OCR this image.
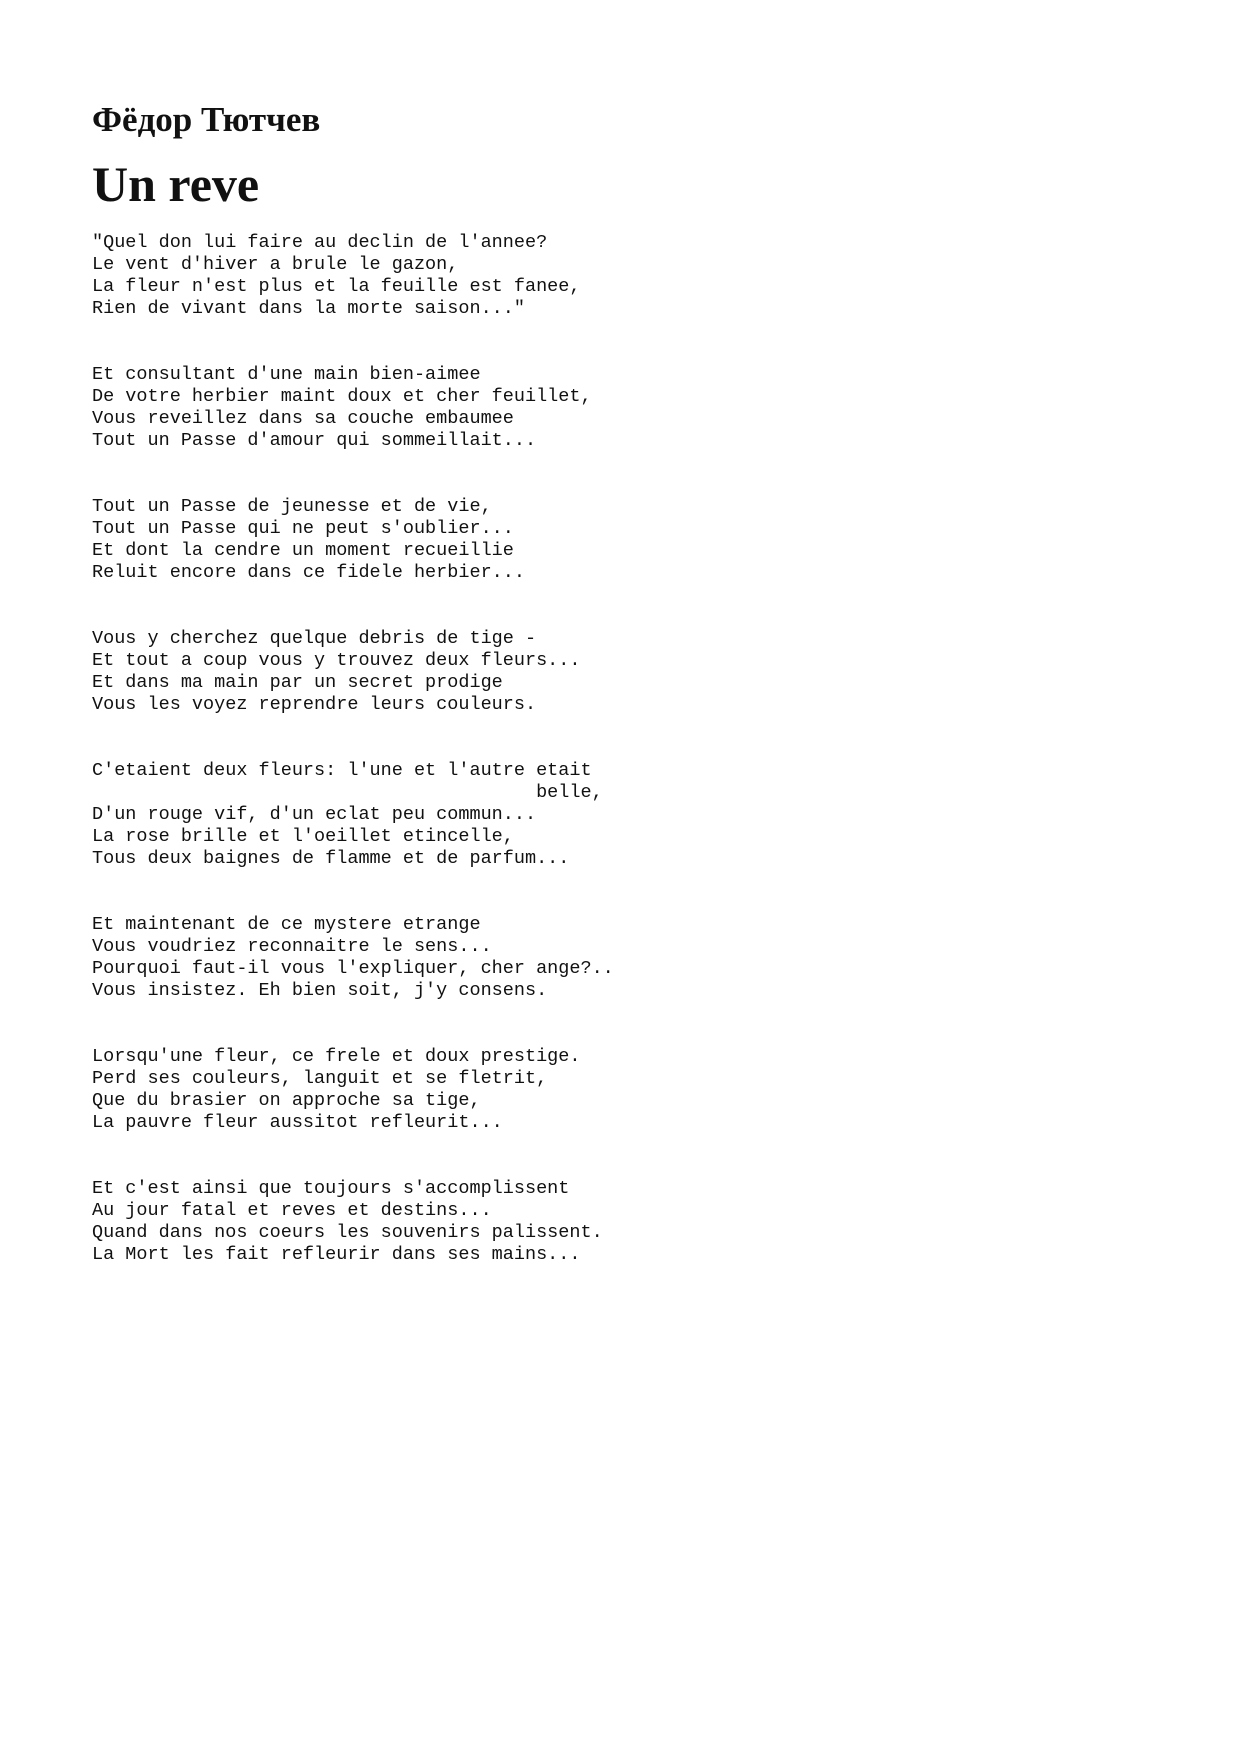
Фёдор Тютчев
Un reve
"Quel don lui faire au declin de l'annee?
Le vent d'hiver a brule le gazon,
La fleur n'est plus et la feuille est fanee,
Rien de vivant dans la morte saison..."
Et consultant d'une main bien-aimee
De votre herbier maint doux et cher feuillet,
Vous reveillez dans sa couche embaumee
Tout un Passe d'amour qui sommeillait...
Tout un Passe de jeunesse et de vie,
Tout un Passe qui ne peut s'oublier...
Et dont la cendre un moment recueillie
Reluit encore dans ce fidele herbier...
Vous y cherchez quelque debris de tige -
Et tout a coup vous y trouvez deux fleurs...
Et dans ma main par un secret prodige
Vous les voyez reprendre leurs couleurs.
C'etaient deux fleurs: l'une et l'autre etait
belle,
D'un rouge vif, d'un eclat peu commun...
La rose brille et l'oeillet etincelle,
Tous deux baignes de flamme et de parfum...
Et maintenant de ce mystere etrange
Vous voudriez reconnaitre le sens...
Pourquoi faut-il vous l'expliquer, cher ange?..
Vous insistez. Eh bien soit, j'y consens.
Lorsqu'une fleur, ce frele et doux prestige.
Perd ses couleurs, languit et se fletrit,
Que du brasier on approche sa tige,
La pauvre fleur aussitot refleurit...
Et c'est ainsi que toujours s'accomplissent
Au jour fatal et reves et destins...
Quand dans nos coeurs les souvenirs palissent.
La Mort les fait refleurir dans ses mains...
